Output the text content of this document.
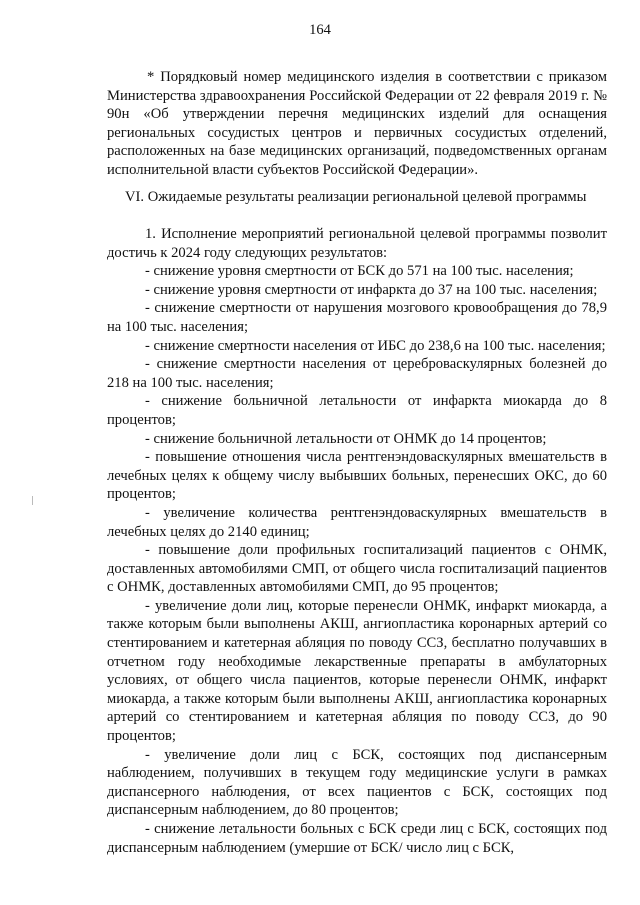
164

* Порядковый номер медицинского изделия в соответствии с приказом Министерства здравоохранения Российской Федерации от 22 февраля 2019 г. № 90н «Об утверждении перечня медицинских изделий для оснащения региональных сосудистых центров и первичных сосудистых отделений, расположенных на базе медицинских организаций, подведомственных органам исполнительной власти субъектов Российской Федерации».

VI. Ожидаемые результаты реализации региональной целевой программы

1. Исполнение мероприятий региональной целевой программы позволит достичь к 2024 году следующих результатов:

- снижение уровня смертности от БСК до 571 на 100 тыс. населения;

- снижение уровня смертности от инфаркта до 37 на 100 тыс. населения;

- снижение смертности от нарушения мозгового кровообращения до 78,9 на 100 тыс. населения;

- снижение смертности населения от ИБС до 238,6 на 100 тыс. населения;

- снижение смертности населения от цереброваскулярных болезней до 218 на 100 тыс. населения;

- снижение больничной летальности от инфаркта миокарда до 8 процентов;

- снижение больничной летальности от ОНМК до 14 процентов;

- повышение отношения числа рентгенэндоваскулярных вмешательств в лечебных целях к общему числу выбывших больных, перенесших ОКС, до 60 процентов;

- увеличение количества рентгенэндоваскулярных вмешательств в лечебных целях до 2140 единиц;

- повышение доли профильных госпитализаций пациентов с ОНМК, доставленных автомобилями СМП, от общего числа госпитализаций пациентов с ОНМК, доставленных автомобилями СМП, до 95 процентов;

- увеличение доли лиц, которые перенесли ОНМК, инфаркт миокарда, а также которым были выполнены АКШ, ангиопластика коронарных артерий со стентированием и катетерная абляция по поводу ССЗ, бесплатно получавших в отчетном году необходимые лекарственные препараты в амбулаторных условиях, от общего числа пациентов, которые перенесли ОНМК, инфаркт миокарда, а также которым были выполнены АКШ, ангиопластика коронарных артерий со стентированием и катетерная абляция по поводу ССЗ, до 90 процентов;

- увеличение доли лиц с БСК, состоящих под диспансерным наблюдением, получивших в текущем году медицинские услуги в рамках диспансерного наблюдения, от всех пациентов с БСК, состоящих под диспансерным наблюдением, до 80 процентов;

- снижение летальности больных с БСК среди лиц с БСК, состоящих под диспансерным наблюдением (умершие от БСК/ число лиц с БСК,
